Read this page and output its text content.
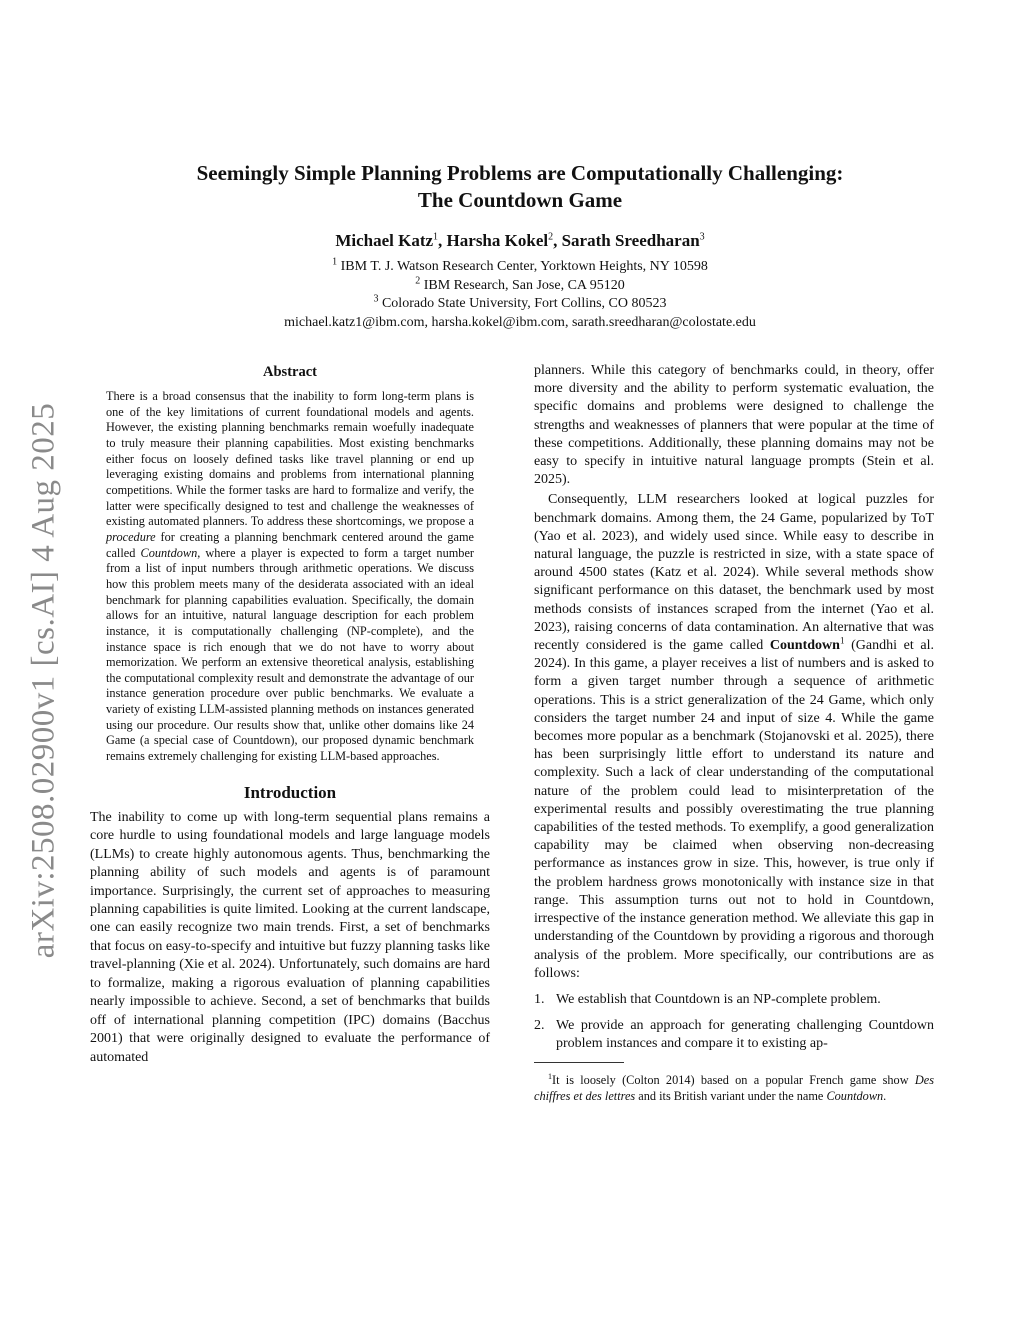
arXiv:2508.02900v1 [cs.AI] 4 Aug 2025
Seemingly Simple Planning Problems are Computationally Challenging:
The Countdown Game
Michael Katz$^1$, Harsha Kokel$^2$, Sarath Sreedharan$^3$
$^1$ IBM T. J. Watson Research Center, Yorktown Heights, NY 10598
$^2$ IBM Research, San Jose, CA 95120
$^3$ Colorado State University, Fort Collins, CO 80523
michael.katz1@ibm.com, harsha.kokel@ibm.com, sarath.sreedharan@colostate.edu
Abstract
There is a broad consensus that the inability to form long-term plans is one of the key limitations of current foundational models and agents. However, the existing planning benchmarks remain woefully inadequate to truly measure their planning capabilities. Most existing benchmarks either focus on loosely defined tasks like travel planning or end up leveraging existing domains and problems from international planning competitions. While the former tasks are hard to formalize and verify, the latter were specifically designed to test and challenge the weaknesses of existing automated planners. To address these shortcomings, we propose a procedure for creating a planning benchmark centered around the game called Countdown, where a player is expected to form a target number from a list of input numbers through arithmetic operations. We discuss how this problem meets many of the desiderata associated with an ideal benchmark for planning capabilities evaluation. Specifically, the domain allows for an intuitive, natural language description for each problem instance, it is computationally challenging (NP-complete), and the instance space is rich enough that we do not have to worry about memorization. We perform an extensive theoretical analysis, establishing the computational complexity result and demonstrate the advantage of our instance generation procedure over public benchmarks. We evaluate a variety of existing LLM-assisted planning methods on instances generated using our procedure. Our results show that, unlike other domains like 24 Game (a special case of Countdown), our proposed dynamic benchmark remains extremely challenging for existing LLM-based approaches.
Introduction

The inability to come up with long-term sequential plans remains a core hurdle to using foundational models and large language models (LLMs) to create highly autonomous agents. Thus, benchmarking the planning ability of such models and agents is of paramount importance. Surprisingly, the current set of approaches to measuring planning capabilities is quite limited. Looking at the current landscape, one can easily recognize two main trends. First, a set of benchmarks that focus on easy-to-specify and intuitive but fuzzy planning tasks like travel-planning (Xie et al. 2024). Unfortunately, such domains are hard to formalize, making a rigorous evaluation of planning capabilities nearly impossible to achieve. Second, a set of benchmarks that builds off of international planning competition (IPC) domains (Bacchus 2001) that were originally designed to evaluate the performance of automated

planners. While this category of benchmarks could, in theory, offer more diversity and the ability to perform systematic evaluation, the specific domains and problems were designed to challenge the strengths and weaknesses of planners that were popular at the time of these competitions. Additionally, these planning domains may not be easy to specify in intuitive natural language prompts (Stein et al. 2025).

Consequently, LLM researchers looked at logical puzzles for benchmark domains. Among them, the 24 Game, popularized by ToT (Yao et al. 2023), and widely used since. While easy to describe in natural language, the puzzle is restricted in size, with a state space of around 4500 states (Katz et al. 2024). While several methods show significant performance on this dataset, the benchmark used by most methods consists of instances scraped from the internet (Yao et al. 2023), raising concerns of data contamination. An alternative that was recently considered is the game called Countdown$^1$ (Gandhi et al. 2024). In this game, a player receives a list of numbers and is asked to form a given target number through a sequence of arithmetic operations. This is a strict generalization of the 24 Game, which only considers the target number 24 and input of size 4. While the game becomes more popular as a benchmark (Stojanovski et al. 2025), there has been surprisingly little effort to understand its nature and complexity. Such a lack of clear understanding of the computational nature of the problem could lead to misinterpretation of the experimental results and possibly overestimating the true planning capabilities of the tested methods. To exemplify, a good generalization capability may be claimed when observing non-decreasing performance as instances grow in size. This, however, is true only if the problem hardness grows monotonically with instance size in that range. This assumption turns out not to hold in Countdown, irrespective of the instance generation method. We alleviate this gap in understanding of the Countdown by providing a rigorous and thorough analysis of the problem. More specifically, our contributions are as follows:

1. We establish that Countdown is an NP-complete problem.
2. We provide an approach for generating challenging Countdown problem instances and compare it to existing ap-

$^1$It is loosely (Colton 2014) based on a popular French game show Des chiffres et des lettres and its British variant under the name Countdown.
